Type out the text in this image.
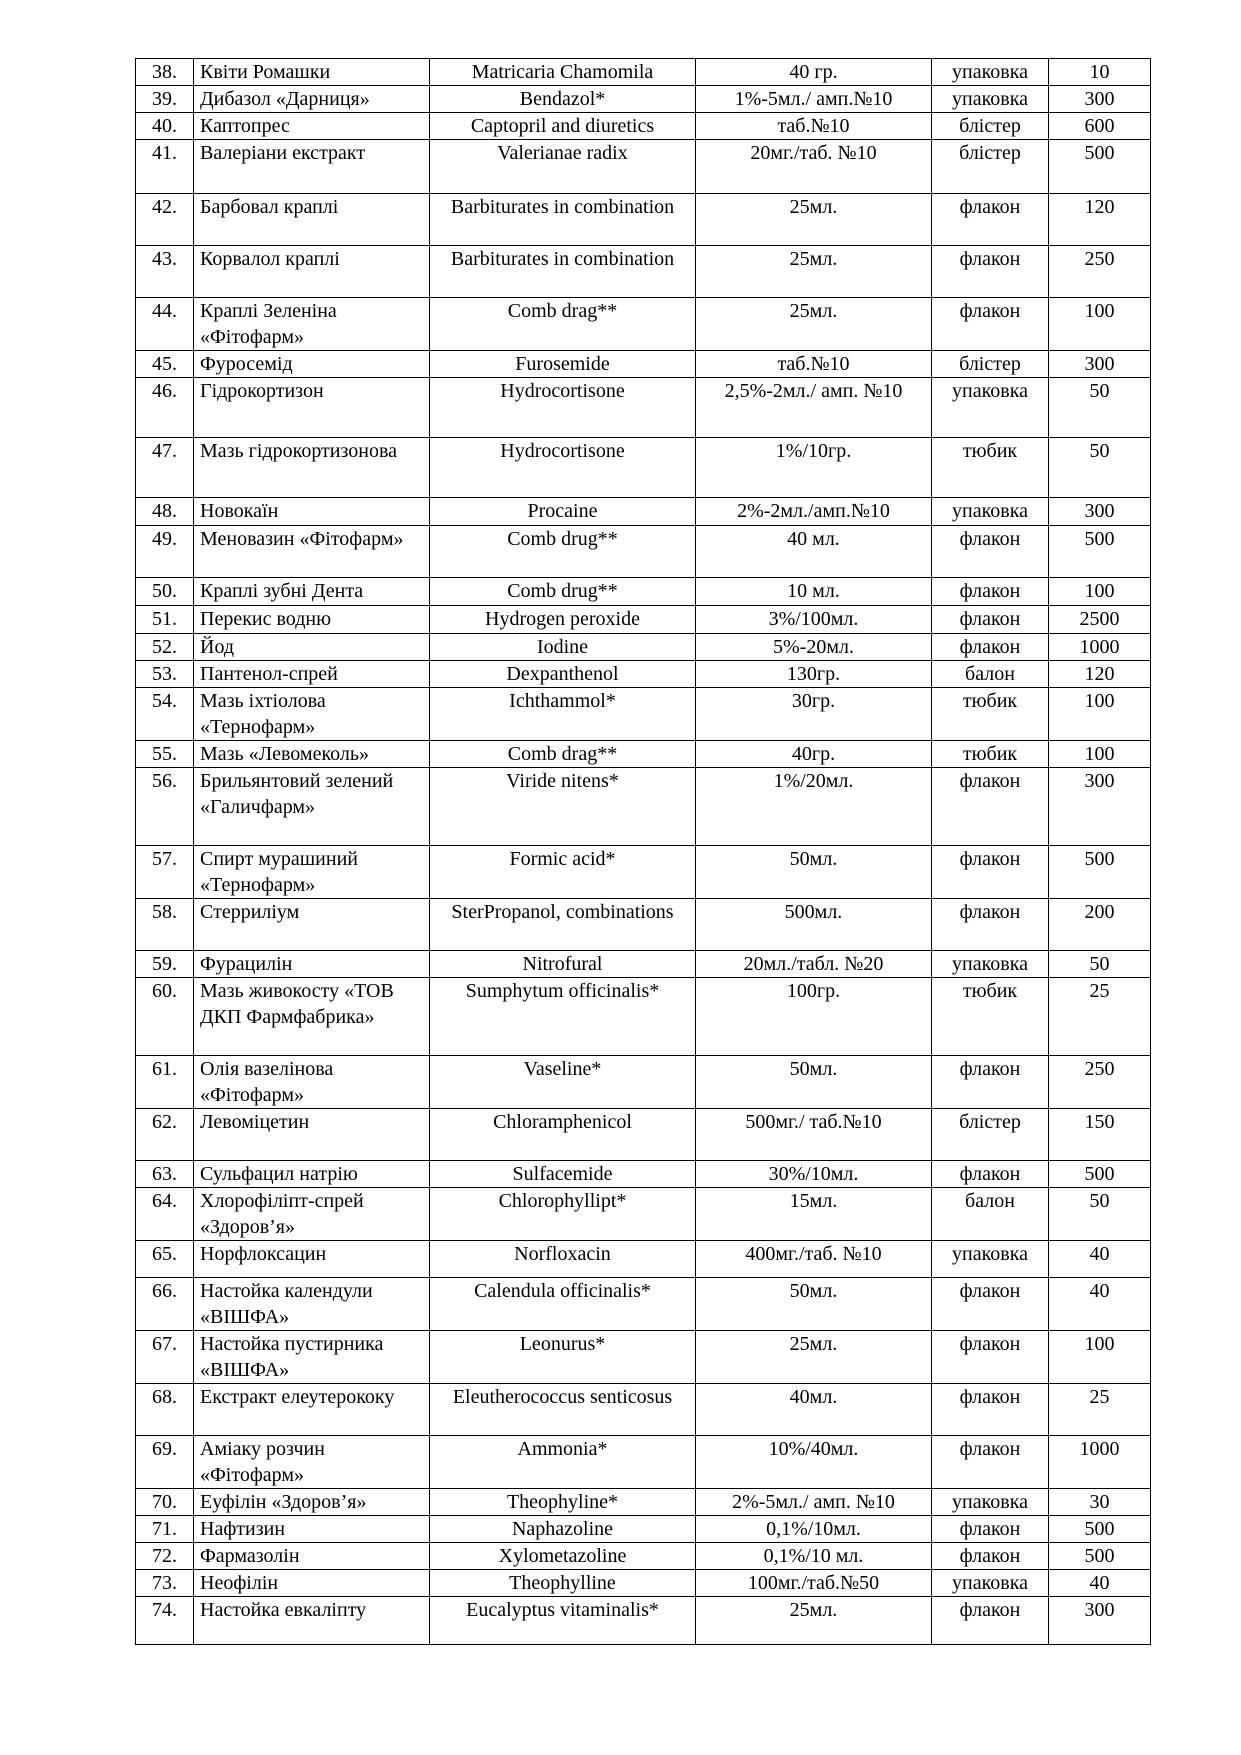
38.	Квіти Ромашки	Matricaria Chamomila	40 гр.	упаковка	10
39.	Дибазол «Дарниця»	Bendazol*	1%-5мл./ амп.№10	упаковка	300
40.	Каптопрес	Captopril and diuretics	таб.№10	блістер	600
41.	Валеріани екстракт	Valerianae radix	20мг./таб. №10	блістер	500
42.	Барбовал краплі	Barbiturates in combination	25мл.	флакон	120
43.	Корвалол краплі	Barbiturates in combination	25мл.	флакон	250
44.	Краплі Зеленіна «Фітофарм»	Comb drag**	25мл.	флакон	100
45.	Фуросемід	Furosemide	таб.№10	блістер	300
46.	Гідрокортизон	Hydrocortisone	2,5%-2мл./ амп. №10	упаковка	50
47.	Мазь гідрокортизонова	Hydrocortisone	1%/10гр.	тюбик	50
48.	Новокаїн	Procaine	2%-2мл./амп.№10	упаковка	300
49.	Меновазин «Фітофарм»	Comb drug**	40 мл.	флакон	500
50.	Краплі зубні Дента	Comb drug**	10 мл.	флакон	100
51.	Перекис водню	Hydrogen peroxide	3%/100мл.	флакон	2500
52.	Йод	Iodine	5%-20мл.	флакон	1000
53.	Пантенол-спрей	Dexpanthenol	130гр.	балон	120
54.	Мазь іхтіолова «Тернофарм»	Ichthammol*	30гр.	тюбик	100
55.	Мазь «Левомеколь»	Comb drag**	40гр.	тюбик	100
56.	Брильянтовий зелений «Галичфарм»	Viride nitens*	1%/20мл.	флакон	300
57.	Спирт мурашиний «Тернофарм»	Formic acid*	50мл.	флакон	500
58.	Стерриліум	SterPropanol, combinations	500мл.	флакон	200
59.	Фурацилін	Nitrofural	20мл./табл. №20	упаковка	50
60.	Мазь живокосту «ТОВ ДКП Фармфабрика»	Sumphytum officinalis*	100гр.	тюбик	25
61.	Олія вазелінова «Фітофарм»	Vaseline*	50мл.	флакон	250
62.	Левоміцетин	Chloramphenicol	500мг./ таб.№10	блістер	150
63.	Сульфацил натрію	Sulfacemide	30%/10мл.	флакон	500
64.	Хлорофіліпт-спрей «Здоров’я»	Chlorophyllipt*	15мл.	балон	50
65.	Норфлоксацин	Norfloxacin	400мг./таб. №10	упаковка	40
66.	Настойка календули «ВІШФА»	Calendula officinalis*	50мл.	флакон	40
67.	Настойка пустирника «ВІШФА»	Leonurus*	25мл.	флакон	100
68.	Екстракт елеутерококу	Eleutherococcus senticosus	40мл.	флакон	25
69.	Аміаку розчин «Фітофарм»	Ammonia*	10%/40мл.	флакон	1000
70.	Еуфілін «Здоров’я»	Theophyline*	2%-5мл./ амп. №10	упаковка	30
71.	Нафтизин	Naphazoline	0,1%/10мл.	флакон	500
72.	Фармазолін	Xylometazoline	0,1%/10 мл.	флакон	500
73.	Неофілін	Theophylline	100мг./таб.№50	упаковка	40
74.	Настойка евкаліпту	Eucalyptus vitaminalis*	25мл.	флакон	300
